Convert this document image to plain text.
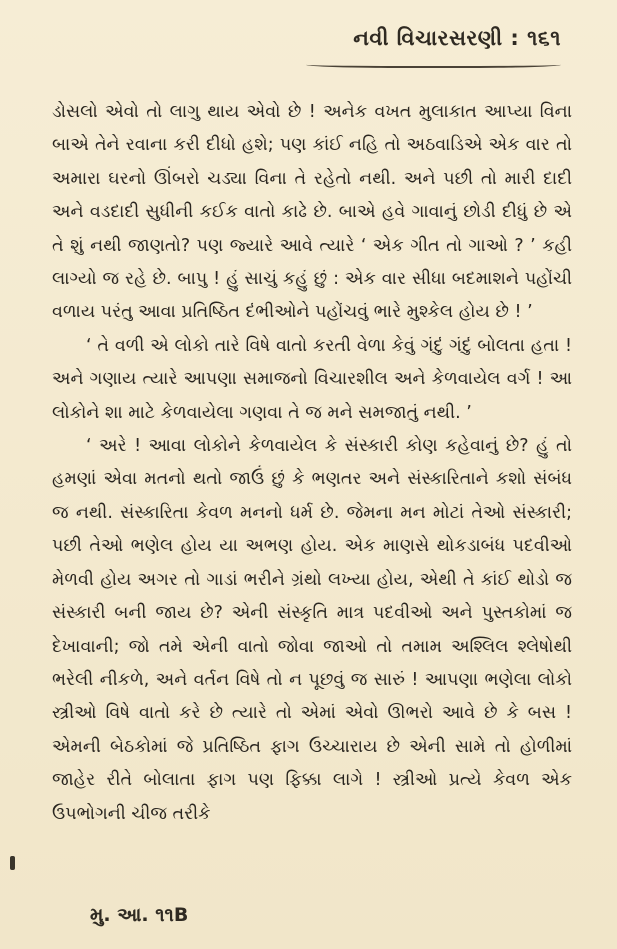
નવી વિચારસરણી : ૧૬૧

ડોસલો એવો તો લાગુ થાય એવો છે ! અનેક વખત મુલાકાત આપ્યા વિના બાએ તેને રવાના કરી દીધો હશે; પણ કાંઈ નહિ તો અઠવાડિએ એક વાર તો અમારા ઘરનો ઊંબરો ચડ્યા વિના તે રહેતો નથી. અને પછી તો મારી દાદી અને વડદાદી સુધીની કઈક વાતો કાઢે છે. બાએ હવે ગાવાનું છોડી દીધું છે એ તે શું નથી જાણતો? પણ જ્યારે આવે ત્યારે ‘ એક ગીત તો ગાઓ ? ’ કહી લાગ્યો જ રહે છે. બાપુ ! હું સાચું કહું છું : એક વાર સીધા બદમાશને પહોંચી વળાય પરંતુ આવા પ્રતિષ્ઠિત દંભીઓને પહોંચવું ભારે મુશ્કેલ હોય છે ! ’

‘ તે વળી એ લોકો તારે વિષે વાતો કરતી વેળા કેવું ગંદું ગંદું બોલતા હતા ! અને ગણાય ત્યારે આપણા સમાજનો વિચારશીલ અને કેળવાયેલ વર્ગ ! આ લોકોને શા માટે કેળવાયેલા ગણવા તે જ મને સમજાતું નથી. ’

‘ અરે ! આવા લોકોને કેળવાયેલ કે સંસ્કારી કોણ કહેવાનું છે? હું તો હમણાં એવા મતનો થતો જાઉં છું કે ભણતર અને સંસ્કારિતાને કશો સંબંધ જ નથી. સંસ્કારિતા કેવળ મનનો ધર્મ છે. જેમના મન મોટાં તેઓ સંસ્કારી; પછી તેઓ ભણેલ હોય યા અભણ હોય. એક માણસે થોકડાબંધ પદવીઓ મેળવી હોય અગર તો ગાડાં ભરીને ગ્રંથો લખ્યા હોય, એથી તે કાંઈ થોડો જ સંસ્કારી બની જાય છે? એની સંસ્કૃતિ માત્ર પદવીઓ અને પુસ્તકોમાં જ દેખાવાની; જો તમે એની વાતો જોવા જાઓ તો તમામ અશ્લિલ શ્લેષોથી ભરેલી નીકળે, અને વર્તન વિષે તો ન પૂછવું જ સારું ! આપણા ભણેલા લોકો સ્ત્રીઓ વિષે વાતો કરે છે ત્યારે તો એમાં એવો ઊભરો આવે છે કે બસ ! એમની બેઠકોમાં જે પ્રતિષ્ઠિત ફાગ ઉચ્ચારાય છે એની સામે તો હોળીમાં જાહેર રીતે બોલાતા ફાગ પણ ફિક્કા લાગે ! સ્ત્રીઓ પ્રત્યે કેવળ એક ઉપભોગની ચીજ તરીકે

મુ. આ. ૧૧B
